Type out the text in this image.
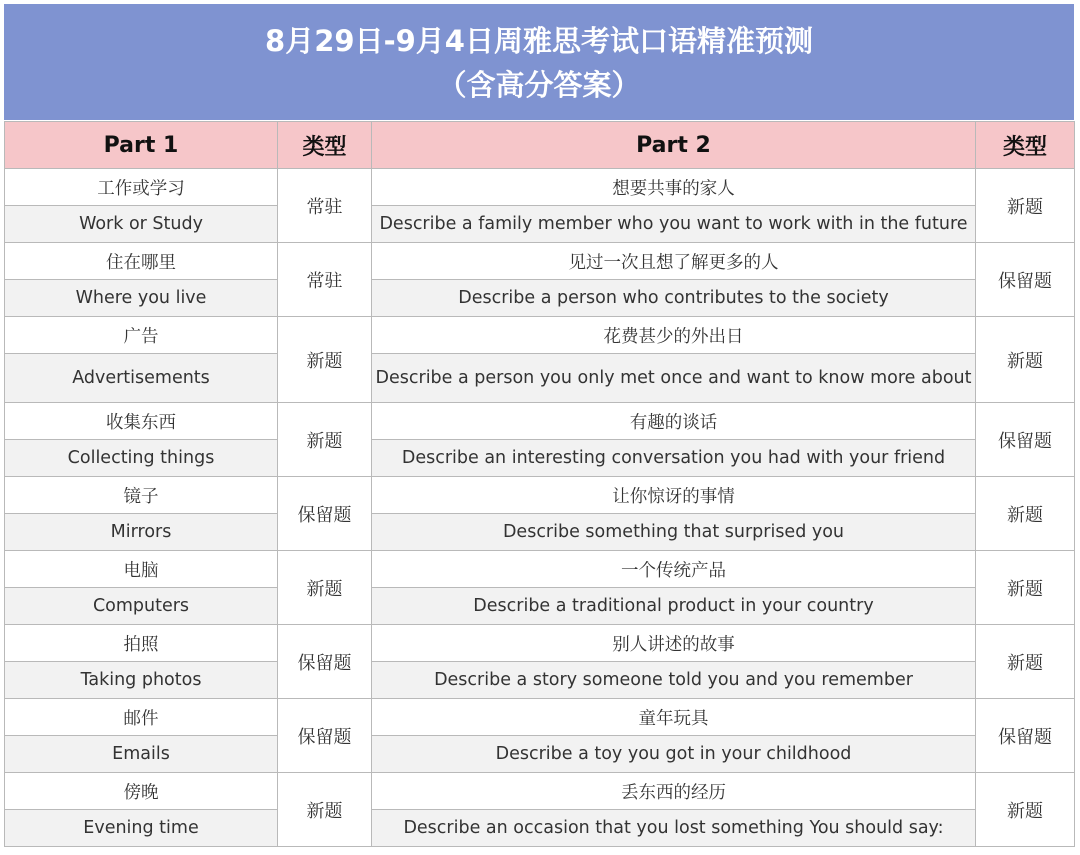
8月29日-9月4日周雅思考试口语精准预测
（含高分答案）
Part 1	类型	Part 2	类型
工作或学习	常驻	想要共事的家人	新题
Work or Study		Describe a family member who you want to work with in the future	
住在哪里	常驻	见过一次且想了解更多的人	保留题
Where you live		Describe a person who contributes to the society	
广告	新题	花费甚少的外出日	新题
Advertisements		Describe a person you only met once and want to know more about	
收集东西	新题	有趣的谈话	保留题
Collecting things		Describe an interesting conversation you had with your friend	
镜子	保留题	让你惊讶的事情	新题
Mirrors		Describe something that surprised you	
电脑	新题	一个传统产品	新题
Computers		Describe a traditional product in your country	
拍照	保留题	别人讲述的故事	新题
Taking photos		Describe a story someone told you and you remember	
邮件	保留题	童年玩具	保留题
Emails		Describe a toy you got in your childhood	
傍晚	新题	丢东西的经历	新题
Evening time		Describe an occasion that you lost something You should say:	
